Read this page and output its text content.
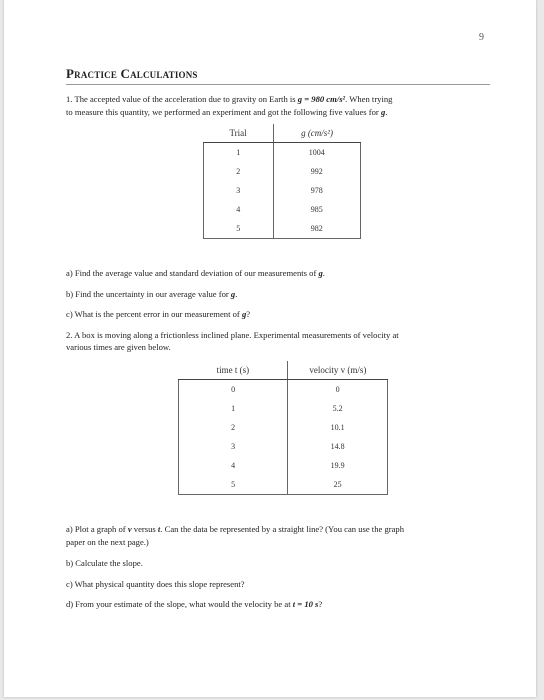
9
Practice Calculations
1. The accepted value of the acceleration due to gravity on Earth is g = 980 cm/s². When trying
to measure this quantity, we performed an experiment and got the following five values for g.
Trial	g (cm/s²)
1	1004
2	992
3	978
4	985
5	982
a) Find the average value and standard deviation of our measurements of g.
b) Find the uncertainty in our average value for g.
c) What is the percent error in our measurement of g?
2. A box is moving along a frictionless inclined plane. Experimental measurements of velocity at
various times are given below.
time t (s)	velocity v (m/s)
0	0
1	5.2
2	10.1
3	14.8
4	19.9
5	25
a) Plot a graph of v versus t. Can the data be represented by a straight line? (You can use the graph
paper on the next page.)
b) Calculate the slope.
c) What physical quantity does this slope represent?
d) From your estimate of the slope, what would the velocity be at t = 10 s?
